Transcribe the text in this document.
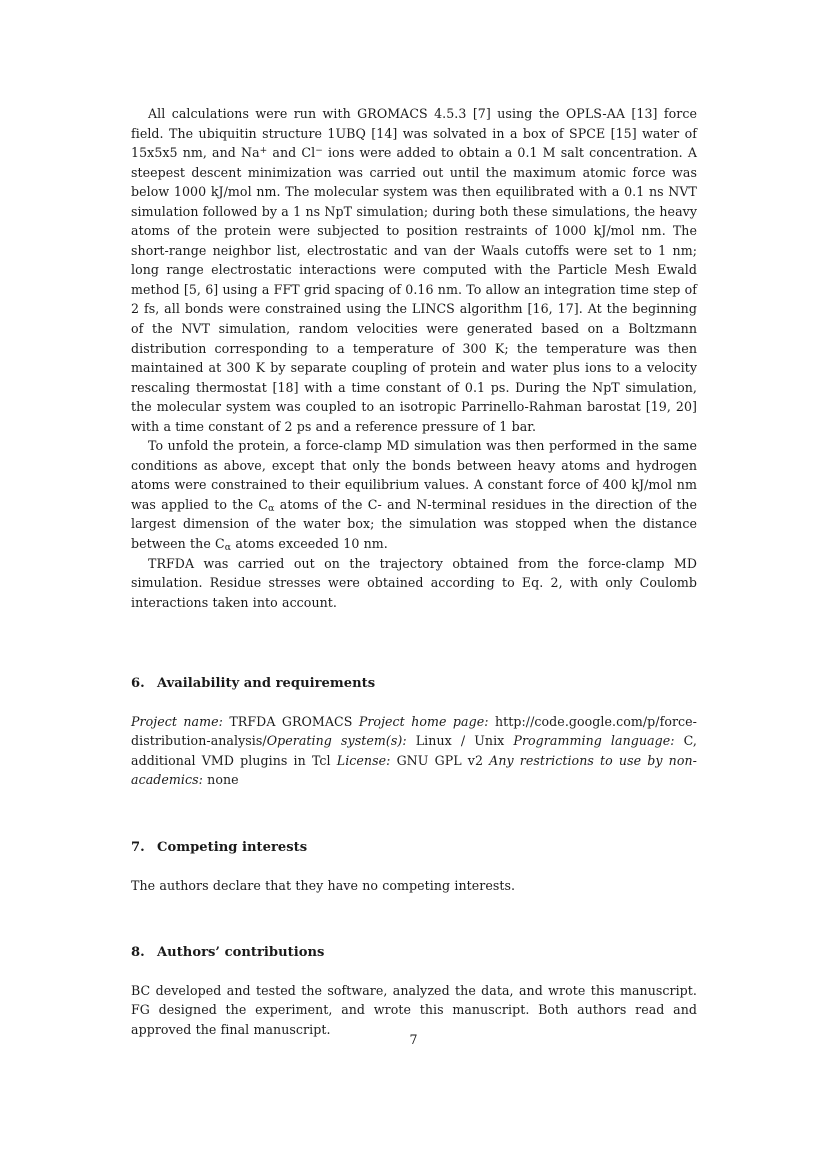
All calculations were run with GROMACS 4.5.3 [7] using the OPLS-AA [13] force field. The ubiquitin structure 1UBQ [14] was solvated in a box of SPCE [15] water of 15x5x5 nm, and Na+ and Cl− ions were added to obtain a 0.1 M salt concentration. A steepest descent minimization was carried out until the maximum atomic force was below 1000 kJ/mol nm. The molecular system was then equilibrated with a 0.1 ns NVT simulation followed by a 1 ns NpT simulation; during both these simulations, the heavy atoms of the protein were subjected to position restraints of 1000 kJ/mol nm. The short-range neighbor list, electrostatic and van der Waals cutoffs were set to 1 nm; long range electrostatic interactions were computed with the Particle Mesh Ewald method [5, 6] using a FFT grid spacing of 0.16 nm. To allow an integration time step of 2 fs, all bonds were constrained using the LINCS algorithm [16, 17]. At the beginning of the NVT simulation, random velocities were generated based on a Boltzmann distribution corresponding to a temperature of 300 K; the temperature was then maintained at 300 K by separate coupling of protein and water plus ions to a velocity rescaling thermostat [18] with a time constant of 0.1 ps. During the NpT simulation, the molecular system was coupled to an isotropic Parrinello-Rahman barostat [19, 20] with a time constant of 2 ps and a reference pressure of 1 bar.

To unfold the protein, a force-clamp MD simulation was then performed in the same conditions as above, except that only the bonds between heavy atoms and hydrogen atoms were constrained to their equilibrium values. A constant force of 400 kJ/mol nm was applied to the $C_\alpha$ atoms of the C- and N-terminal residues in the direction of the largest dimension of the water box; the simulation was stopped when the distance between the $C_\alpha$ atoms exceeded 10 nm.

TRFDA was carried out on the trajectory obtained from the force-clamp MD simulation. Residue stresses were obtained according to Eq. 2, with only Coulomb interactions taken into account.

6. Availability and requirements

Project name: TRFDA GROMACS Project home page: http://code.google.com/p/force-distribution-analysis/Operating system(s): Linux / Unix Programming language: C, additional VMD plugins in Tcl License: GNU GPL v2 Any restrictions to use by non-academics: none

7. Competing interests

The authors declare that they have no competing interests.

8. Authors’ contributions

BC developed and tested the software, analyzed the data, and wrote this manuscript. FG designed the experiment, and wrote this manuscript. Both authors read and approved the final manuscript.

7
